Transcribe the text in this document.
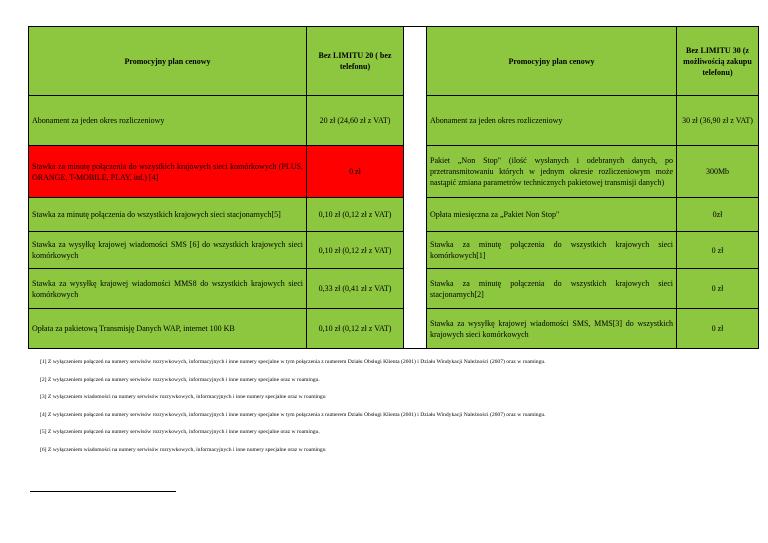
Promocyjny plan cenowy	Bez LIMITU 20 ( bez telefonu)		Promocyjny plan cenowy	Bez LIMITU 30 (z możliwością zakupu telefonu)
Abonament za jeden okres rozliczeniowy	20 zł (24,60 zł z VAT)		Abonament za jeden okres rozliczeniowy	30 zł (36,90 zł z VAT)
Stawka za minutę połączenia do wszystkich krajowych sieci komórkowych (PLUS, ORANGE, T-MOBILE, PLAY, itd.) [4]	0 zł		Pakiet „Non Stop" (ilość wysłanych i odebranych danych, po przetransmitowaniu których w jednym okresie rozliczeniowym może nastąpić zmiana parametrów technicznych pakietowej transmisji danych)	300Mb
Stawka za minutę połączenia do wszystkich krajowych sieci stacjonarnych[5]	0,10 zł (0,12 zł z VAT)		Opłata miesięczna za „Pakiet Non Stop"	0zł
Stawka za wysyłkę krajowej wiadomości SMS [6] do wszystkich krajowych sieci komórkowych	0,10 zł (0,12 zł z VAT)		Stawka za minutę połączenia do wszystkich krajowych sieci komórkowych[1]	0 zł
Stawka za wysyłkę krajowej wiadomości MMS8 do wszystkich krajowych sieci komórkowych	0,33 zł (0,41 zł z VAT)		Stawka za minutę połączenia do wszystkich krajowych sieci stacjonarnych[2]	0 zł
Opłata za pakietową Transmisję Danych WAP, internet 100 KB	0,10 zł (0,12 zł z VAT)		Stawka za wysyłkę krajowej wiadomości SMS, MMS[3] do wszystkich krajowych sieci komórkowych	0 zł
[1] Z wyłączeniem połączeń na numery serwisów rozrywkowych, informacyjnych i inne numery specjalne w tym połączenia z numerem Działu Obsługi Klienta (2601) i Działu Windykacji Należności (2607) oraz w roamingu.
[2] Z wyłączeniem połączeń na numery serwisów rozrywkowych, informacyjnych i inne numery specjalne oraz w roamingu.
[3] Z wyłączeniem wiadomości na numery serwisów rozrywkowych, informacyjnych i inne numery specjalne oraz w roamingu
[4] Z wyłączeniem połączeń na numery serwisów rozrywkowych, informacyjnych i inne numery specjalne w tym połączenia z numerem Działu Obsługi Klienta (2601) i Działu Windykacji Należności (2607) oraz w roamingu.
[5] Z wyłączeniem połączeń na numery serwisów rozrywkowych, informacyjnych i inne numery specjalne oraz w roamingu.
[6] Z wyłączeniem wiadomości na numery serwisów rozrywkowych, informacyjnych i inne numery specjalne oraz w roamingu
